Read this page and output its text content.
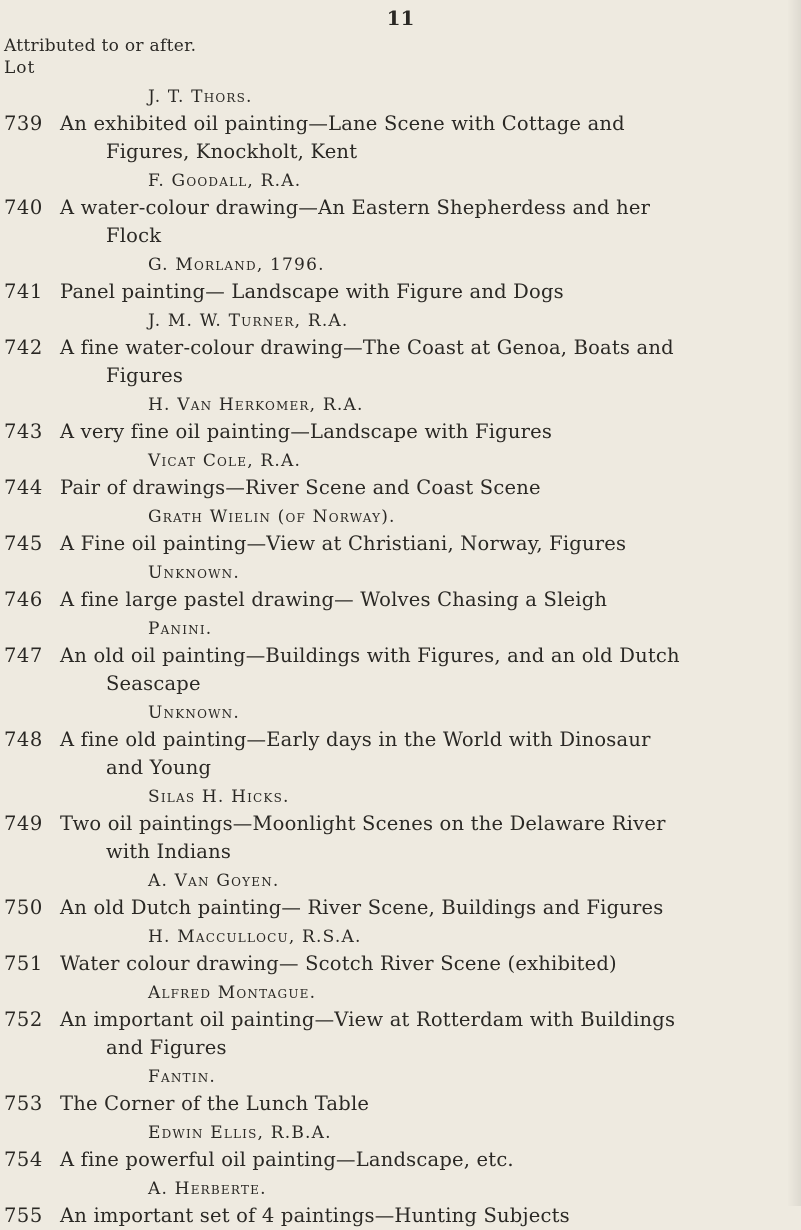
11
Attributed to or after.
Lot
J. T. Thors.
739 An exhibited oil painting—Lane Scene with Cottage and
Figures, Knockholt, Kent
F. Goodall, R.A.
740 A water-colour drawing—An Eastern Shepherdess and her
Flock
G. Morland, 1796.
741 Panel painting— Landscape with Figure and Dogs
J. M. W. Turner, R.A.
742 A fine water-colour drawing—The Coast at Genoa, Boats and
Figures
H. Van Herkomer, R.A.
743 A very fine oil painting—Landscape with Figures
Vicat Cole, R.A.
744 Pair of drawings—River Scene and Coast Scene
Grath Wielin (of Norway).
745 A Fine oil painting—View at Christiani, Norway, Figures
Unknown.
746 A fine large pastel drawing— Wolves Chasing a Sleigh
Panini.
747 An old oil painting—Buildings with Figures, and an old Dutch
Seascape
Unknown.
748 A fine old painting—Early days in the World with Dinosaur
and Young
Silas H. Hicks.
749 Two oil paintings—Moonlight Scenes on the Delaware River
with Indians
A. Van Goyen.
750 An old Dutch painting— River Scene, Buildings and Figures
H. Maccullocu, R.S.A.
751 Water colour drawing— Scotch River Scene (exhibited)
Alfred Montague.
752 An important oil painting—View at Rotterdam with Buildings
and Figures
Fantin.
753 The Corner of the Lunch Table
Edwin Ellis, R.B.A.
754 A fine powerful oil painting—Landscape, etc.
A. Herberte.
755 An important set of 4 paintings—Hunting Subjects
